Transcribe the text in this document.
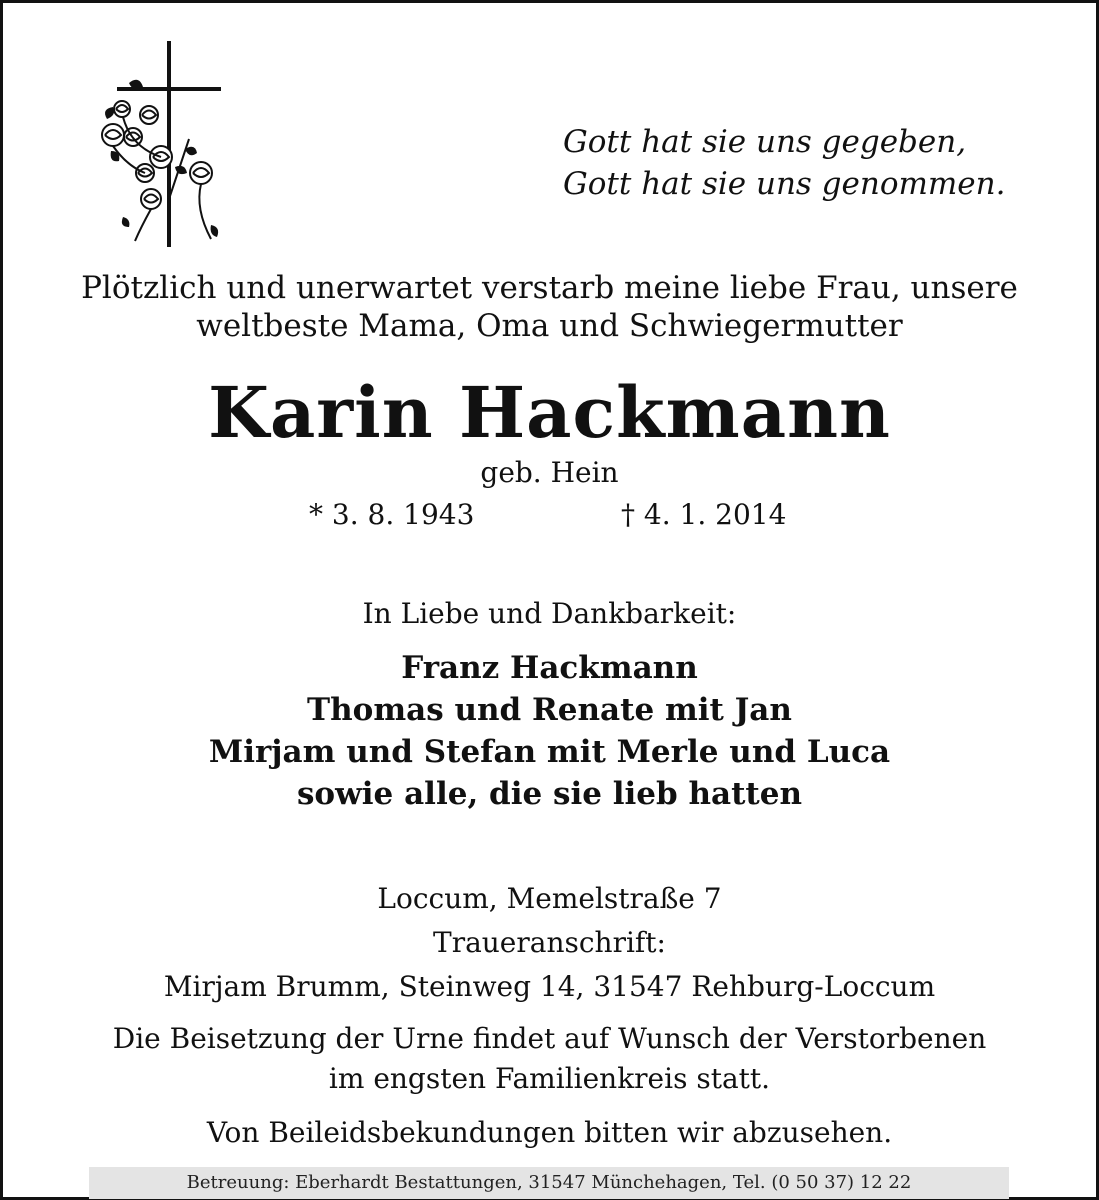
Gott hat sie uns gegeben,
Gott hat sie uns genommen.
Plötzlich und unerwartet verstarb meine liebe Frau, unsere
weltbeste Mama, Oma und Schwiegermutter
Karin Hackmann
geb. Hein
* 3. 8. 1943	† 4. 1. 2014
In Liebe und Dankbarkeit:
Franz Hackmann
Thomas und Renate mit Jan
Mirjam und Stefan mit Merle und Luca
sowie alle, die sie lieb hatten
Loccum, Memelstraße 7
Traueranschrift:
Mirjam Brumm, Steinweg 14, 31547 Rehburg-Loccum
Die Beisetzung der Urne findet auf Wunsch der Verstorbenen
im engsten Familienkreis statt.
Von Beileidsbekundungen bitten wir abzusehen.
Betreuung: Eberhardt Bestattungen, 31547 Münchehagen, Tel. (0 50 37) 12 22
